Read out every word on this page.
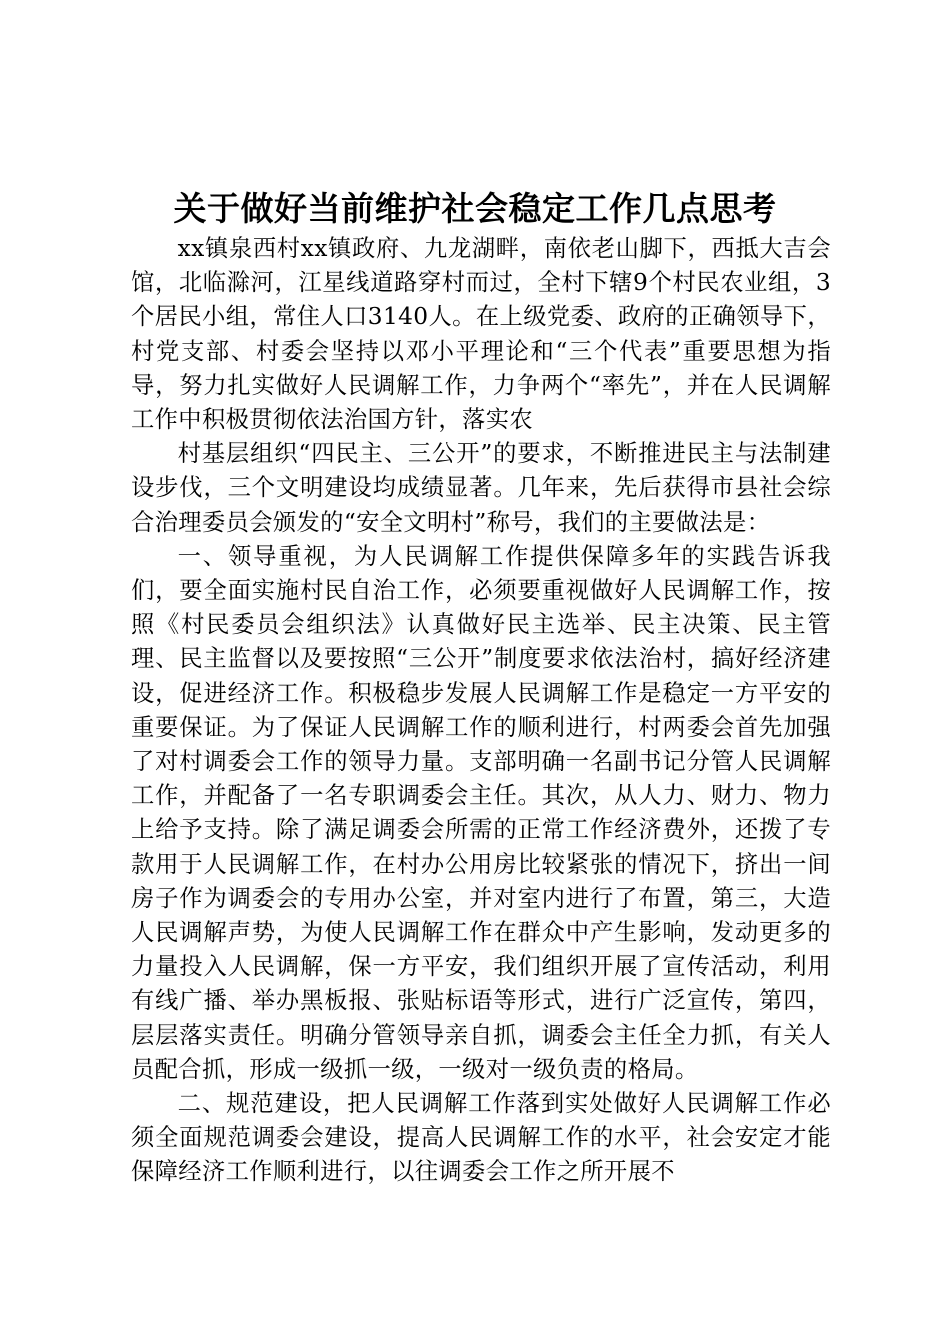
关于做好当前维护社会稳定工作几点思考

xx镇泉西村xx镇政府、九龙湖畔，南依老山脚下，西抵大吉会馆，北临滁河，江星线道路穿村而过，全村下辖9个村民农业组，3个居民小组，常住人口3140人。在上级党委、政府的正确领导下，村党支部、村委会坚持以邓小平理论和“三个代表”重要思想为指导，努力扎实做好人民调解工作，力争两个“率先”，并在人民调解工作中积极贯彻依法治国方针，落实农

村基层组织“四民主、三公开”的要求，不断推进民主与法制建设步伐，三个文明建设均成绩显著。几年来，先后获得市县社会综合治理委员会颁发的“安全文明村”称号，我们的主要做法是：

一、领导重视，为人民调解工作提供保障多年的实践告诉我们，要全面实施村民自治工作，必须要重视做好人民调解工作，按照《村民委员会组织法》认真做好民主选举、民主决策、民主管理、民主监督以及要按照“三公开”制度要求依法治村，搞好经济建设，促进经济工作。积极稳步发展人民调解工作是稳定一方平安的重要保证。为了保证人民调解工作的顺利进行，村两委会首先加强了对村调委会工作的领导力量。支部明确一名副书记分管人民调解工作，并配备了一名专职调委会主任。其次，从人力、财力、物力上给予支持。除了满足调委会所需的正常工作经济费外，还拨了专款用于人民调解工作，在村办公用房比较紧张的情况下，挤出一间房子作为调委会的专用办公室，并对室内进行了布置，第三，大造人民调解声势，为使人民调解工作在群众中产生影响，发动更多的力量投入人民调解，保一方平安，我们组织开展了宣传活动，利用有线广播、举办黑板报、张贴标语等形式，进行广泛宣传，第四，层层落实责任。明确分管领导亲自抓，调委会主任全力抓，有关人员配合抓，形成一级抓一级，一级对一级负责的格局。

二、规范建设，把人民调解工作落到实处做好人民调解工作必须全面规范调委会建设，提高人民调解工作的水平，社会安定才能保障经济工作顺利进行，以往调委会工作之所开展不
